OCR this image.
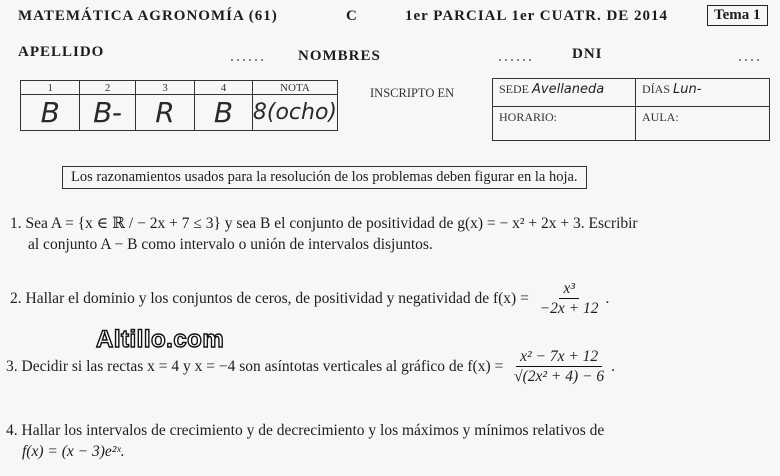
MATEMÁTICA AGRONOMÍA (61)	C	1er PARCIAL 1er CUATR. DE 2014	Tema 1
APELLIDO	...... NOMBRES	......	DNI	....
1	2	3	4	NOTA
B	B-	R	B	8(ocho)
INSCRIPTO EN	SEDE Avellaneda	DÍAS Lun-
HORARIO:	AULA:
Los razonamientos usados para la resolución de los problemas deben figurar en la hoja.
1. Sea A = {x ∈ ℝ / − 2x + 7 ≤ 3} y sea B el conjunto de positividad de g(x) = − x² + 2x + 3. Escribir
al conjunto A − B como intervalo o unión de intervalos disjuntos.
2. Hallar el dominio y los conjuntos de ceros, de positividad y negatividad de $f(x) = \frac{\text{x³}}{-2x + 12}$ .
Altillo.com
3. Decidir si las rectas x = 4 y x = −4 son asíntotas verticales al gráfico de $f(x) = \frac{\text{x² − 7x + 12}}{\text{√(2x² + 4) − 6}}$ .
4. Hallar los intervalos de crecimiento y de decrecimiento y los máximos y mínimos relativos de
f(x) = (x − 3)e²ˣ.
